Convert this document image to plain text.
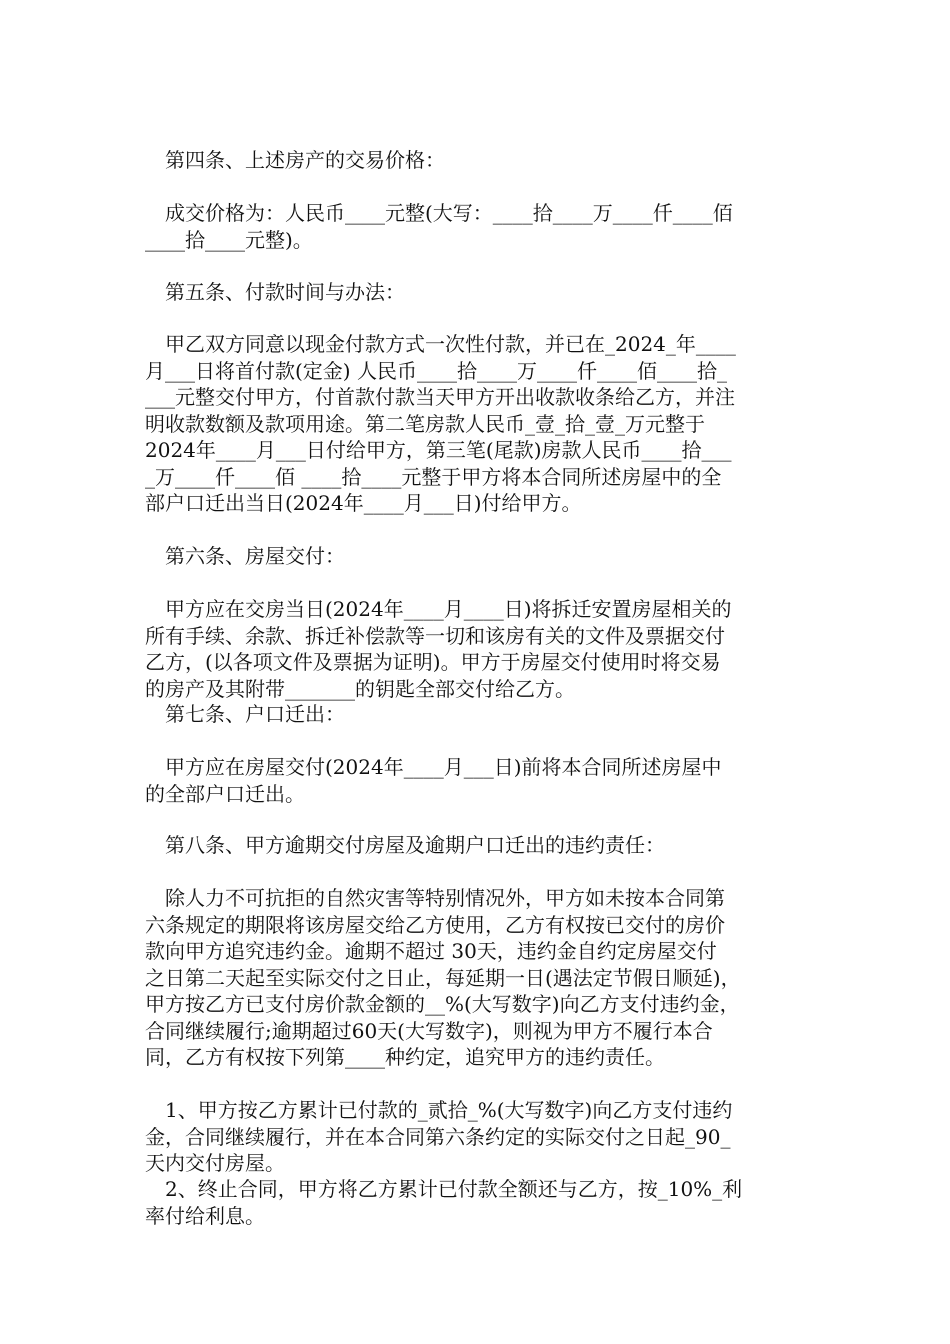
第四条、上述房产的交易价格：
成交价格为：人民币____元整(大写：____拾____万____仟____佰
____拾____元整)。
第五条、付款时间与办法：
甲乙双方同意以现金付款方式一次性付款，并已在_2024_年____
月___日将首付款(定金) 人民币____拾____万____仟____佰____拾_
___元整交付甲方，付首款付款当天甲方开出收款收条给乙方，并注
明收款数额及款项用途。第二笔房款人民币_壹_拾_壹_万元整于
2024年____月___日付给甲方，第三笔(尾款)房款人民币____拾___
_万____仟____佰 ____拾____元整于甲方将本合同所述房屋中的全
部户口迁出当日(2024年____月___日)付给甲方。
第六条、房屋交付：
甲方应在交房当日(2024年____月____日)将拆迁安置房屋相关的
所有手续、余款、拆迁补偿款等一切和该房有关的文件及票据交付
乙方，(以各项文件及票据为证明)。甲方于房屋交付使用时将交易
的房产及其附带_______的钥匙全部交付给乙方。
第七条、户口迁出：
甲方应在房屋交付(2024年____月___日)前将本合同所述房屋中
的全部户口迁出。
第八条、甲方逾期交付房屋及逾期户口迁出的违约责任：
除人力不可抗拒的自然灾害等特别情况外，甲方如未按本合同第
六条规定的期限将该房屋交给乙方使用，乙方有权按已交付的房价
款向甲方追究违约金。逾期不超过 30天，违约金自约定房屋交付
之日第二天起至实际交付之日止，每延期一日(遇法定节假日顺延)，
甲方按乙方已支付房价款金额的__%(大写数字)向乙方支付违约金，
合同继续履行;逾期超过60天(大写数字)，则视为甲方不履行本合
同，乙方有权按下列第____种约定，追究甲方的违约责任。
1、甲方按乙方累计已付款的_贰拾_%(大写数字)向乙方支付违约
金，合同继续履行，并在本合同第六条约定的实际交付之日起_90_
天内交付房屋。
2、终止合同，甲方将乙方累计已付款全额还与乙方，按_10%_利
率付给利息。
